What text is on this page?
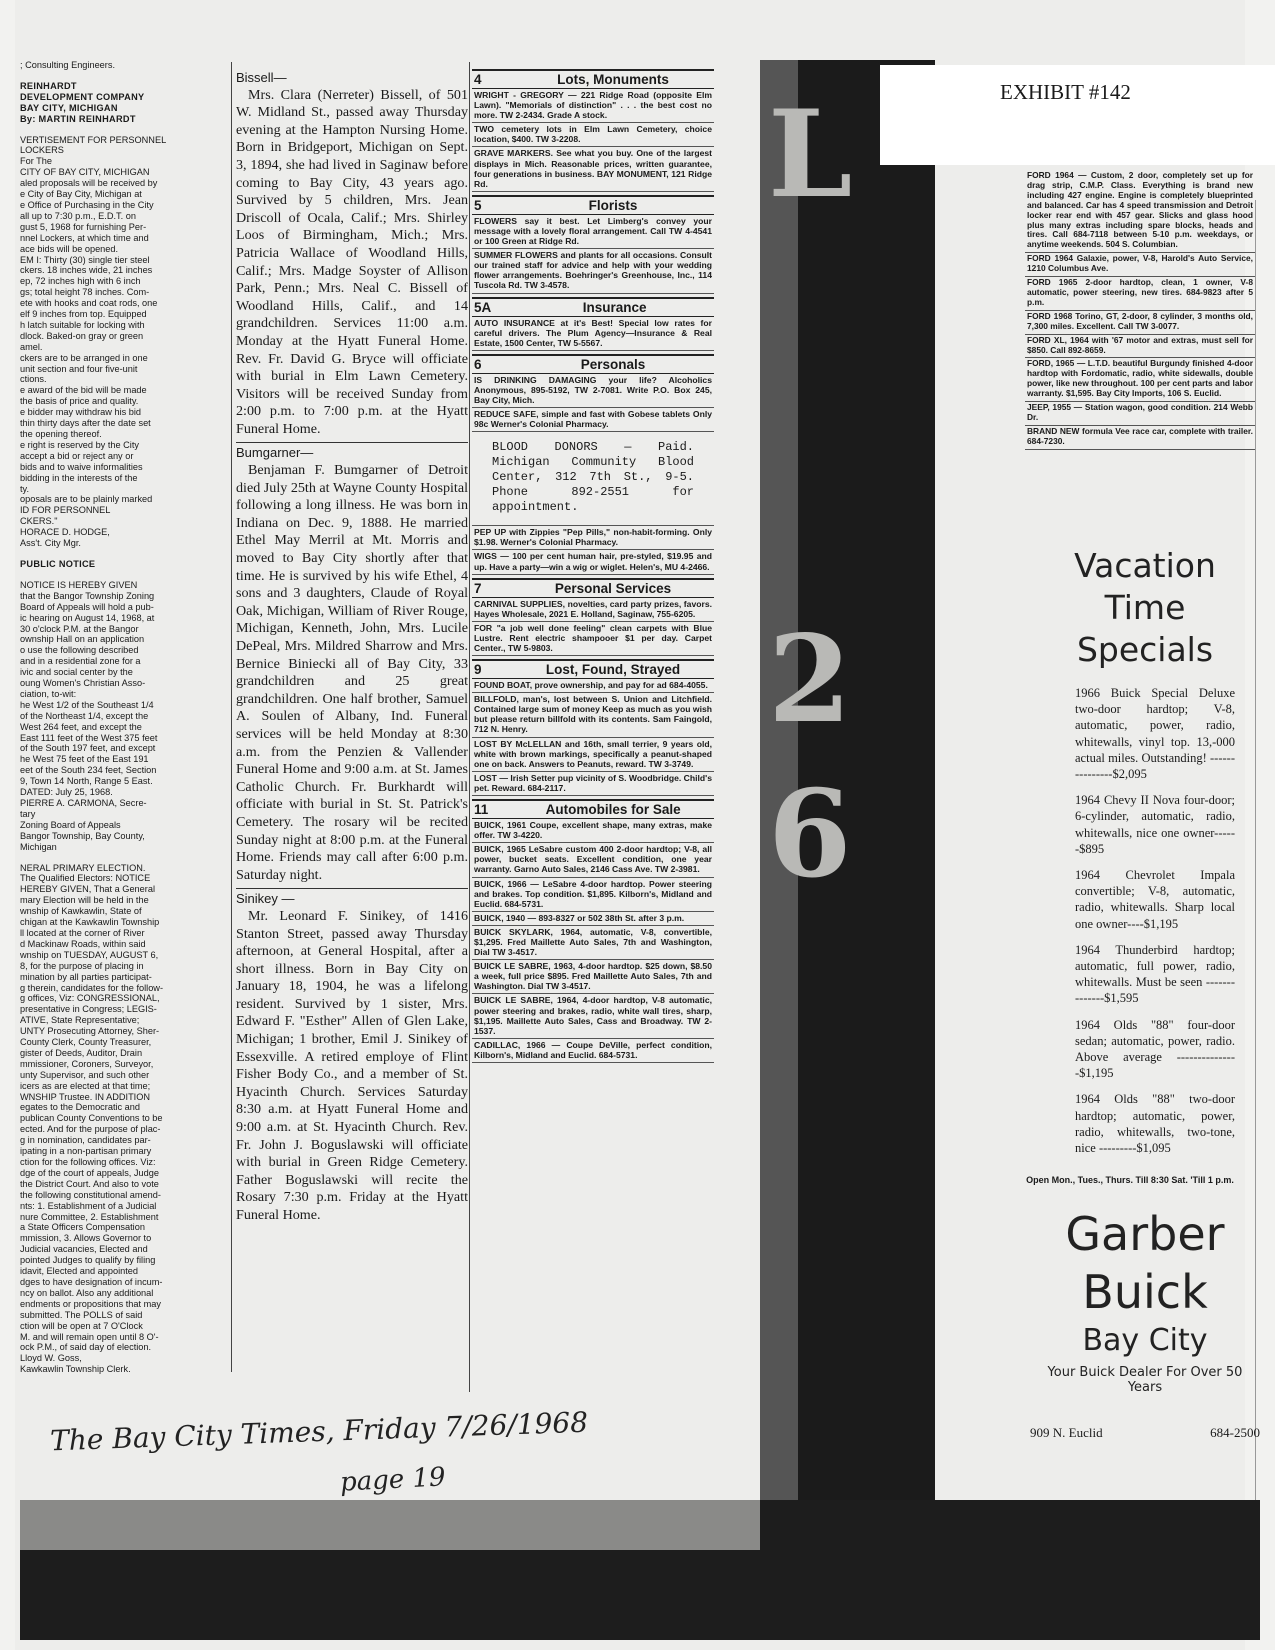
; Consulting Engineers.
REINHARDT
DEVELOPMENT COMPANY
BAY CITY, MICHIGAN
By: MARTIN REINHARDT
VERTISEMENT FOR PERSONNEL
LOCKERS
For The
CITY OF BAY CITY, MICHIGAN
aled proposals will be received by
e City of Bay City, Michigan at
e Office of Purchasing in the City
all up to 7:30 p.m., E.D.T. on
gust 5, 1968 for furnishing Per-
nnel Lockers, at which time and
ace bids will be opened.
EM I: Thirty (30) single tier steel
ckers. 18 inches wide, 21 inches
ep, 72 inches high with 6 inch
gs; total height 78 inches. Com-
ete with hooks and coat rods, one
elf 9 inches from top. Equipped
h latch suitable for locking with
dlock. Baked-on gray or green
amel.
ckers are to be arranged in one
unit section and four five-unit
ctions.
e award of the bid will be made
the basis of price and quality.
e bidder may withdraw his bid
thin thirty days after the date set
the opening thereof.
e right is reserved by the City
accept a bid or reject any or
bids and to waive informalities
bidding in the interests of the
ty.
oposals are to be plainly marked
ID FOR PERSONNEL
CKERS."
HORACE D. HODGE,
Ass't. City Mgr.
PUBLIC NOTICE
NOTICE IS HEREBY GIVEN
that the Bangor Township Zoning
Board of Appeals will hold a pub-
ic hearing on August 14, 1968, at
30 o'clock P.M. at the Bangor
ownship Hall on an application
o use the following described
and in a residential zone for a
ivic and social center by the
oung Women's Christian Asso-
ciation, to-wit:
he West 1/2 of the Southeast 1/4
of the Northeast 1/4, except the
West 264 feet, and except the
East 111 feet of the West 375 feet
of the South 197 feet, and except
he West 75 feet of the East 191
eet of the South 234 feet, Section
9, Town 14 North, Range 5 East.
DATED: July 25, 1968.
PIERRE A. CARMONA, Secre-
tary
Zoning Board of Appeals
Bangor Township, Bay County,
Michigan
NERAL PRIMARY ELECTION.
The Qualified Electors: NOTICE
HEREBY GIVEN, That a General
mary Election will be held in the
wnship of Kawkawlin, State of
chigan at the Kawkawlin Township
ll located at the corner of River
d Mackinaw Roads, within said
wnship on TUESDAY, AUGUST 6,
8, for the purpose of placing in
mination by all parties participat-
g therein, candidates for the follow-
g offices, Viz: CONGRESSIONAL,
presentative in Congress; LEGIS-
ATIVE, State Representative;
UNTY Prosecuting Attorney, Sher-
County Clerk, County Treasurer,
gister of Deeds, Auditor, Drain
mmissioner, Coroners, Surveyor,
unty Supervisor, and such other
icers as are elected at that time;
WNSHIP Trustee. IN ADDITION
egates to the Democratic and
publican County Conventions to be
ected. And for the purpose of plac-
g in nomination, candidates par-
ipating in a non-partisan primary
ction for the following offices. Viz:
dge of the court of appeals, Judge
the District Court. And also to vote
the following constitutional amend-
nts: 1. Establishment of a Judicial
nure Committee, 2. Establishment
a State Officers Compensation
mmission, 3. Allows Governor to
Judicial vacancies, Elected and
pointed Judges to qualify by filing
idavit, Elected and appointed
dges to have designation of incum-
ncy on ballot. Also any additional
endments or propositions that may
submitted. The POLLS of said
ction will be open at 7 O'Clock
M. and will remain open until 8 O'-
ock P.M., of said day of election.
Lloyd W. Goss,
Kawkawlin Township Clerk.
Bissell—
Mrs. Clara (Nerreter) Bissell, of 501 W. Midland St., passed away Thursday evening at the Hampton Nursing Home. Born in Bridgeport, Michigan on Sept. 3, 1894, she had lived in Saginaw before coming to Bay City, 43 years ago. Survived by 5 children, Mrs. Jean Driscoll of Ocala, Calif.; Mrs. Shirley Loos of Birmingham, Mich.; Mrs. Patricia Wallace of Woodland Hills, Calif.; Mrs. Madge Soyster of Allison Park, Penn.; Mrs. Neal C. Bissell of Woodland Hills, Calif., and 14 grandchildren. Services 11:00 a.m. Monday at the Hyatt Funeral Home. Rev. Fr. David G. Bryce will officiate with burial in Elm Lawn Cemetery. Visitors will be received Sunday from 2:00 p.m. to 7:00 p.m. at the Hyatt Funeral Home.
Bumgarner—
Benjaman F. Bumgarner of Detroit died July 25th at Wayne County Hospital following a long illness. He was born in Indiana on Dec. 9, 1888. He married Ethel May Merril at Mt. Morris and moved to Bay City shortly after that time. He is survived by his wife Ethel, 4 sons and 3 daughters, Claude of Royal Oak, Michigan, William of River Rouge, Michigan, Kenneth, John, Mrs. Lucile DePeal, Mrs. Mildred Sharrow and Mrs. Bernice Biniecki all of Bay City, 33 grandchildren and 25 great grandchildren. One half brother, Samuel A. Soulen of Albany, Ind. Funeral services will be held Monday at 8:30 a.m. from the Penzien & Vallender Funeral Home and 9:00 a.m. at St. James Catholic Church. Fr. Burkhardt will officiate with burial in St. St. Patrick's Cemetery. The rosary wil be recited Sunday night at 8:00 p.m. at the Funeral Home. Friends may call after 6:00 p.m. Saturday night.
Sinikey —
Mr. Leonard F. Sinikey, of 1416 Stanton Street, passed away Thursday afternoon, at General Hospital, after a short illness. Born in Bay City on January 18, 1904, he was a lifelong resident. Survived by 1 sister, Mrs. Edward F. "Esther" Allen of Glen Lake, Michigan; 1 brother, Emil J. Sinikey of Essexville. A retired employe of Flint Fisher Body Co., and a member of St. Hyacinth Church. Services Saturday 8:30 a.m. at Hyatt Funeral Home and 9:00 a.m. at St. Hyacinth Church. Rev. Fr. John J. Boguslawski will officiate with burial in Green Ridge Cemetery. Father Boguslawski will recite the Rosary 7:30 p.m. Friday at the Hyatt Funeral Home.
4	Lots, Monuments
WRIGHT - GREGORY — 221 Ridge Road (opposite Elm Lawn). "Memorials of distinction" . . . the best cost no more. TW 2-2434. Grade A stock.
TWO cemetery lots in Elm Lawn Cemetery, choice location, $400. TW 3-2208.
GRAVE MARKERS. See what you buy. One of the largest displays in Mich. Reasonable prices, written guarantee, four generations in business. BAY MONUMENT, 121 Ridge Rd.
5	Florists
FLOWERS say it best. Let Limberg's convey your message with a lovely floral arrangement. Call TW 4-4541 or 100 Green at Ridge Rd.
SUMMER FLOWERS and plants for all occasions. Consult our trained staff for advice and help with your wedding flower arrangements. Boehringer's Greenhouse, Inc., 114 Tuscola Rd. TW 3-4578.
5A	Insurance
AUTO INSURANCE at it's Best! Special low rates for careful drivers. The Plum Agency—Insurance & Real Estate, 1500 Center, TW 5-5567.
6	Personals
IS DRINKING DAMAGING your life? Alcoholics Anonymous, 895-5192, TW 2-7081. Write P.O. Box 245, Bay City, Mich.
REDUCE SAFE, simple and fast with Gobese tablets Only 98c Werner's Colonial Pharmacy.
BLOOD DONORS — Paid. Michigan Community Blood Center, 312 7th St., 9-5. Phone 892-2551 for appointment.
PEP UP with Zippies "Pep Pills," non-habit-forming. Only $1.98. Werner's Colonial Pharmacy.
WIGS — 100 per cent human hair, pre-styled, $19.95 and up. Have a party—win a wig or wiglet. Helen's, MU 4-2466.
7	Personal Services
CARNIVAL SUPPLIES, novelties, card party prizes, favors. Hayes Wholesale, 2021 E. Holland, Saginaw, 755-6205.
FOR "a job well done feeling" clean carpets with Blue Lustre. Rent electric shampooer $1 per day. Carpet Center., TW 5-9803.
9	Lost, Found, Strayed
FOUND BOAT, prove ownership, and pay for ad 684-4055.
BILLFOLD, man's, lost between S. Union and Litchfield. Contained large sum of money Keep as much as you wish but please return billfold with its contents. Sam Faingold, 712 N. Henry.
LOST BY McLELLAN and 16th, small terrier, 9 years old, white with brown markings, specifically a peanut-shaped one on back. Answers to Peanuts, reward. TW 3-3749.
LOST — Irish Setter pup vicinity of S. Woodbridge. Child's pet. Reward. 684-2117.
11	Automobiles for Sale
BUICK, 1961 Coupe, excellent shape, many extras, make offer. TW 3-4220.
BUICK, 1965 LeSabre custom 400 2-door hardtop; V-8, all power, bucket seats. Excellent condition, one year warranty. Garno Auto Sales, 2146 Cass Ave. TW 2-3981.
BUICK, 1966 — LeSabre 4-door hardtop. Power steering and brakes. Top condition. $1,895. Kilborn's, Midland and Euclid. 684-5731.
BUICK, 1940 — 893-8327 or 502 38th St. after 3 p.m.
BUICK SKYLARK, 1964, automatic, V-8, convertible, $1,295. Fred Maillette Auto Sales, 7th and Washington, Dial TW 3-4517.
BUICK LE SABRE, 1963, 4-door hardtop. $25 down, $8.50 a week, full price $895. Fred Maillette Auto Sales, 7th and Washington. Dial TW 3-4517.
BUICK LE SABRE, 1964, 4-door hardtop, V-8 automatic, power steering and brakes, radio, white wall tires, sharp, $1,195. Maillette Auto Sales, Cass and Broadway. TW 2-1537.
CADILLAC, 1966 — Coupe DeVille, perfect condition, Kilborn's, Midland and Euclid. 684-5731.
L
2
6
FORD 1964 — Custom, 2 door, completely set up for drag strip, C.M.P. Class. Everything is brand new including 427 engine. Engine is completely blueprinted and balanced. Car has 4 speed transmission and Detroit locker rear end with 457 gear. Slicks and glass hood plus many extras including spare blocks, heads and tires. Call 684-7118 between 5-10 p.m. weekdays, or anytime weekends. 504 S. Columbian.
FORD 1964 Galaxie, power, V-8, Harold's Auto Service, 1210 Columbus Ave.
FORD 1965 2-door hardtop, clean, 1 owner, V-8 automatic, power steering, new tires. 684-9823 after 5 p.m.
FORD 1968 Torino, GT, 2-door, 8 cylinder, 3 months old, 7,300 miles. Excellent. Call TW 3-0077.
FORD XL, 1964 with '67 motor and extras, must sell for $850. Call 892-8659.
FORD, 1965 — L.T.D. beautiful Burgundy finished 4-door hardtop with Fordomatic, radio, white sidewalls, double power, like new throughout. 100 per cent parts and labor warranty. $1,595. Bay City Imports, 106 S. Euclid.
JEEP, 1955 — Station wagon, good condition. 214 Webb Dr.
BRAND NEW formula Vee race car, complete with trailer. 684-7230.
Vacation
Time
Specials
1966 Buick Special Deluxe two-door hardtop; V-8, automatic, power, radio, whitewalls, vinyl top. 13,-000 actual miles. Outstanding! ---------------$2,095
1964 Chevy II Nova four-door; 6-cylinder, automatic, radio, whitewalls, nice one owner------$895
1964 Chevrolet Impala convertible; V-8, automatic, radio, whitewalls. Sharp local one owner----$1,195
1964 Thunderbird hardtop; automatic, full power, radio, whitewalls. Must be seen --------------$1,595
1964 Olds "88" four-door sedan; automatic, power, radio. Above average ---------------$1,195
1964 Olds "88" two-door hardtop; automatic, power, radio, whitewalls, two-tone, nice ---------$1,095
Open Mon., Tues., Thurs. Till 8:30 Sat. 'Till 1 p.m.
Garber
Buick
Bay City
Your Buick Dealer For Over 50 Years
909 N. Euclid	684-2500
EXHIBIT #142
The Bay City Times, Friday 7/26/1968
page 19
